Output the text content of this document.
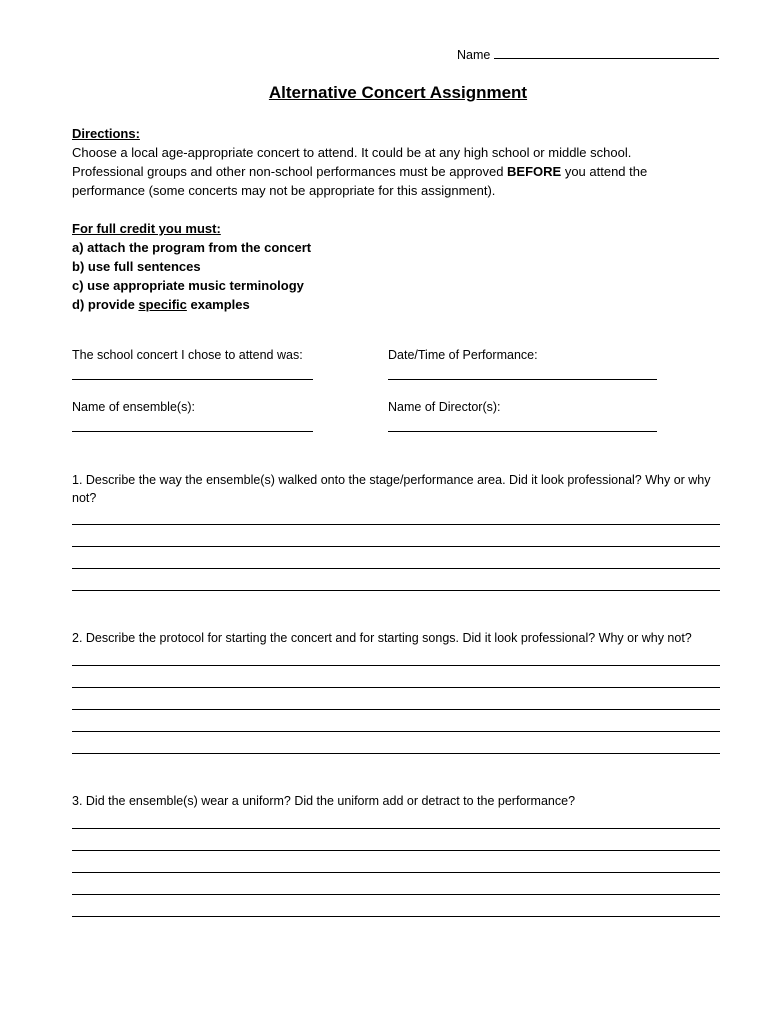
Name
Alternative Concert Assignment
Directions:
Choose a local age-appropriate concert to attend. It could be at any high school or middle school.
Professional groups and other non-school performances must be approved BEFORE you attend the
performance (some concerts may not be appropriate for this assignment).
For full credit you must:
a) attach the program from the concert
b) use full sentences
c) use appropriate music terminology
d) provide specific examples
The school concert I chose to attend was:	Date/Time of Performance:
Name of ensemble(s):	Name of Director(s):
1. Describe the way the ensemble(s) walked onto the stage/performance area. Did it look professional? Why or why not?
2. Describe the protocol for starting the concert and for starting songs. Did it look professional? Why or why not?
3. Did the ensemble(s) wear a uniform? Did the uniform add or detract to the performance?
